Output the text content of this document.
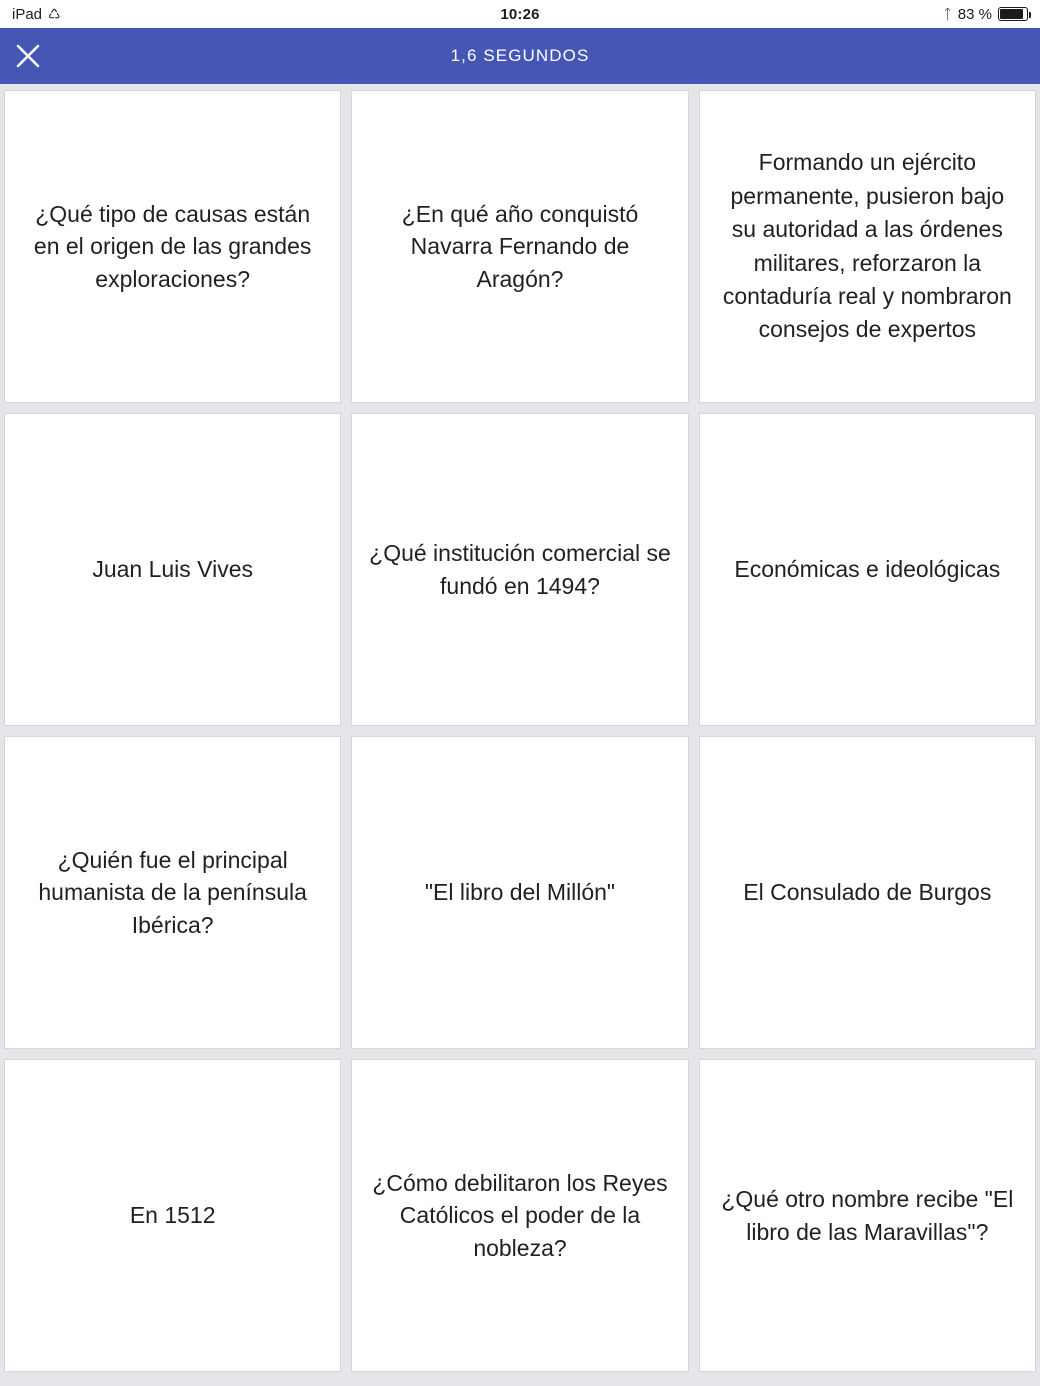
iPad ♺	10:26	ᛏ 83 %
1,6 SEGUNDOS
¿Qué tipo de causas están en el origen de las grandes exploraciones?
¿En qué año conquistó Navarra Fernando de Aragón?
Formando un ejército permanente, pusieron bajo su autoridad a las órdenes militares, reforzaron la contaduría real y nombraron consejos de expertos
Juan Luis Vives
¿Qué institución comercial se fundó en 1494?
Económicas e ideológicas
¿Quién fue el principal humanista de la península Ibérica?
"El libro del Millón"	El Consulado de Burgos
En 1512
¿Cómo debilitaron los Reyes Católicos el poder de la nobleza?
¿Qué otro nombre recibe "El libro de las Maravillas"?
